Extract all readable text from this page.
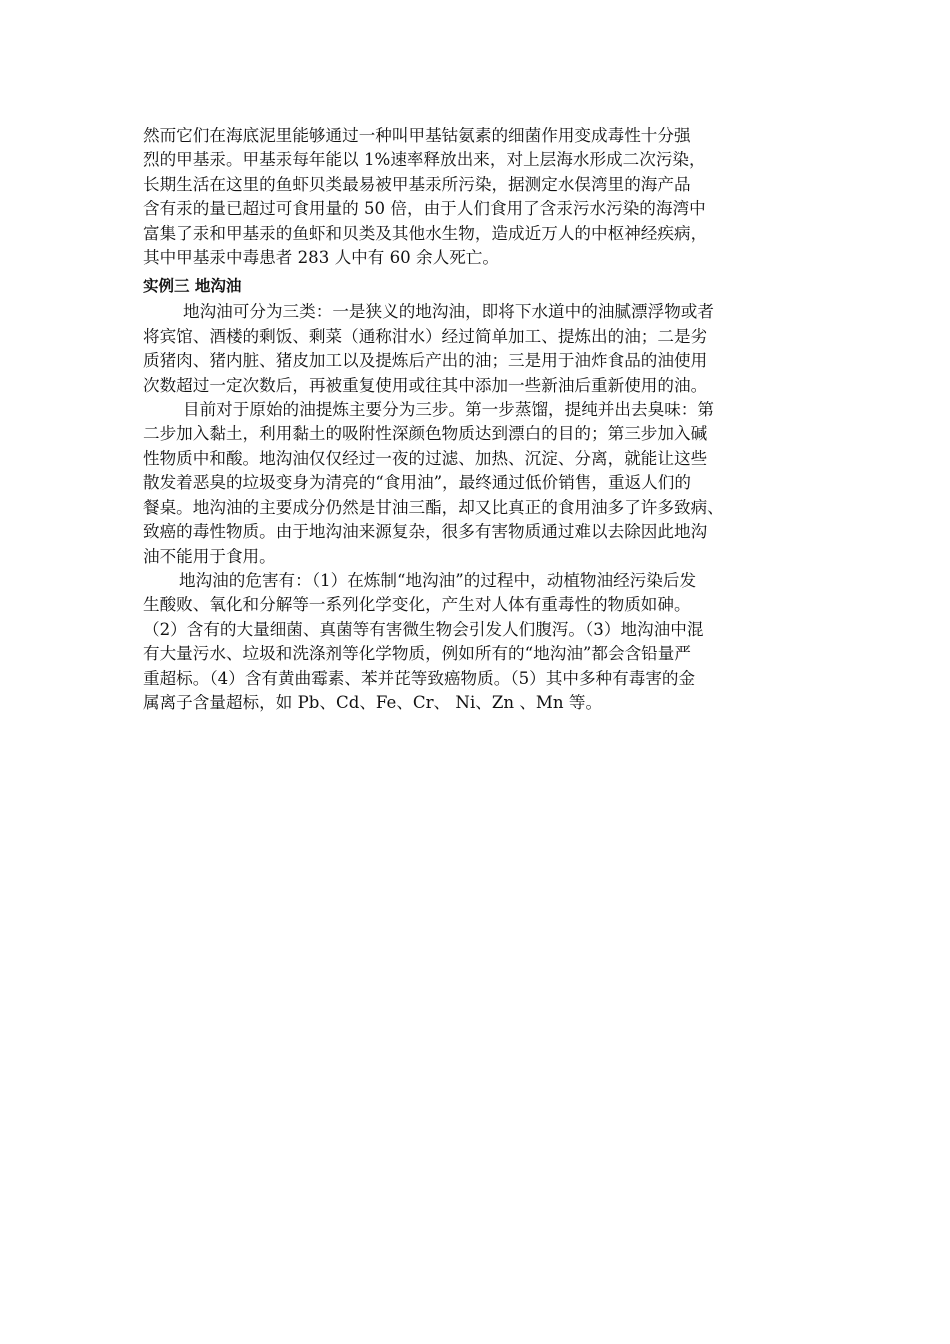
然而它们在海底泥里能够通过一种叫甲基钴氨素的细菌作用变成毒性十分强
烈的甲基汞。甲基汞每年能以 1%速率释放出来，对上层海水形成二次污染，
长期生活在这里的鱼虾贝类最易被甲基汞所污染，据测定水俣湾里的海产品
含有汞的量已超过可食用量的 50 倍，由于人们食用了含汞污水污染的海湾中
富集了汞和甲基汞的鱼虾和贝类及其他水生物，造成近万人的中枢神经疾病，
其中甲基汞中毒患者 283 人中有 60 余人死亡。

实例三 地沟油

地沟油可分为三类：一是狭义的地沟油，即将下水道中的油腻漂浮物或者
将宾馆、酒楼的剩饭、剩菜（通称泔水）经过简单加工、提炼出的油；二是劣
质猪肉、猪内脏、猪皮加工以及提炼后产出的油；三是用于油炸食品的油使用
次数超过一定次数后，再被重复使用或往其中添加一些新油后重新使用的油。

目前对于原始的油提炼主要分为三步。第一步蒸馏，提纯并出去臭味：第
二步加入黏土，利用黏土的吸附性深颜色物质达到漂白的目的；第三步加入碱
性物质中和酸。地沟油仅仅经过一夜的过滤、加热、沉淀、分离，就能让这些
散发着恶臭的垃圾变身为清亮的“食用油”，最终通过低价销售，重返人们的
餐桌。地沟油的主要成分仍然是甘油三酯，却又比真正的食用油多了许多致病、
致癌的毒性物质。由于地沟油来源复杂，很多有害物质通过难以去除因此地沟
油不能用于食用。

地沟油的危害有：（1）在炼制“地沟油”的过程中，动植物油经污染后发
生酸败、氧化和分解等一系列化学变化，产生对人体有重毒性的物质如砷。
（2）含有的大量细菌、真菌等有害微生物会引发人们腹泻。（3）地沟油中混
有大量污水、垃圾和洗涤剂等化学物质，例如所有的“地沟油”都会含铅量严
重超标。（4）含有黄曲霉素、苯并芘等致癌物质。（5）其中多种有毒害的金
属离子含量超标，如 Pb、Cd、Fe、Cr、 Ni、Zn 、Mn 等。
